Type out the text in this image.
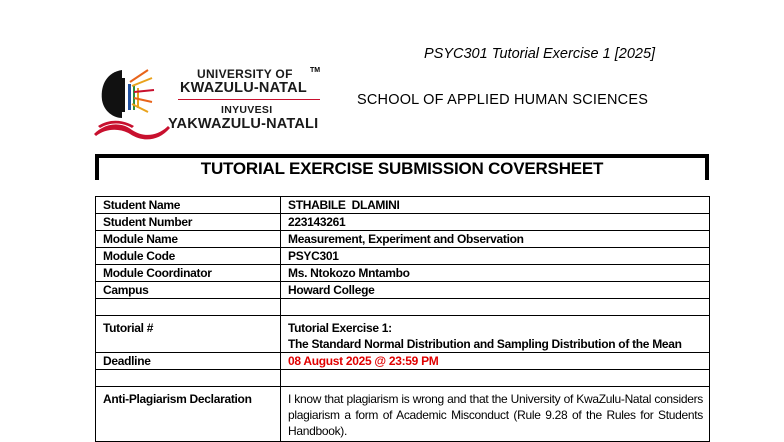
PSYC301 Tutorial Exercise 1 [2025]
UNIVERSITY OF TM
KWAZULU-NATAL
INYUVESI
YAKWAZULU-NATALI
SCHOOL OF APPLIED HUMAN SCIENCES
TUTORIAL EXERCISE SUBMISSION COVERSHEET
Student Name	STHABILE  DLAMINI
Student Number	223143261
Module Name	Measurement, Experiment and Observation
Module Code	PSYC301
Module Coordinator	Ms. Ntokozo Mntambo
Campus	Howard College

Tutorial #	Tutorial Exercise 1:
The Standard Normal Distribution and Sampling Distribution of the Mean

Deadline	08 August 2025 @ 23:59 PM

Anti-Plagiarism Declaration	I know that plagiarism is wrong and that the University of KwaZulu-Natal considers plagiarism a form of Academic Misconduct (Rule 9.28 of the Rules for Students Handbook).
